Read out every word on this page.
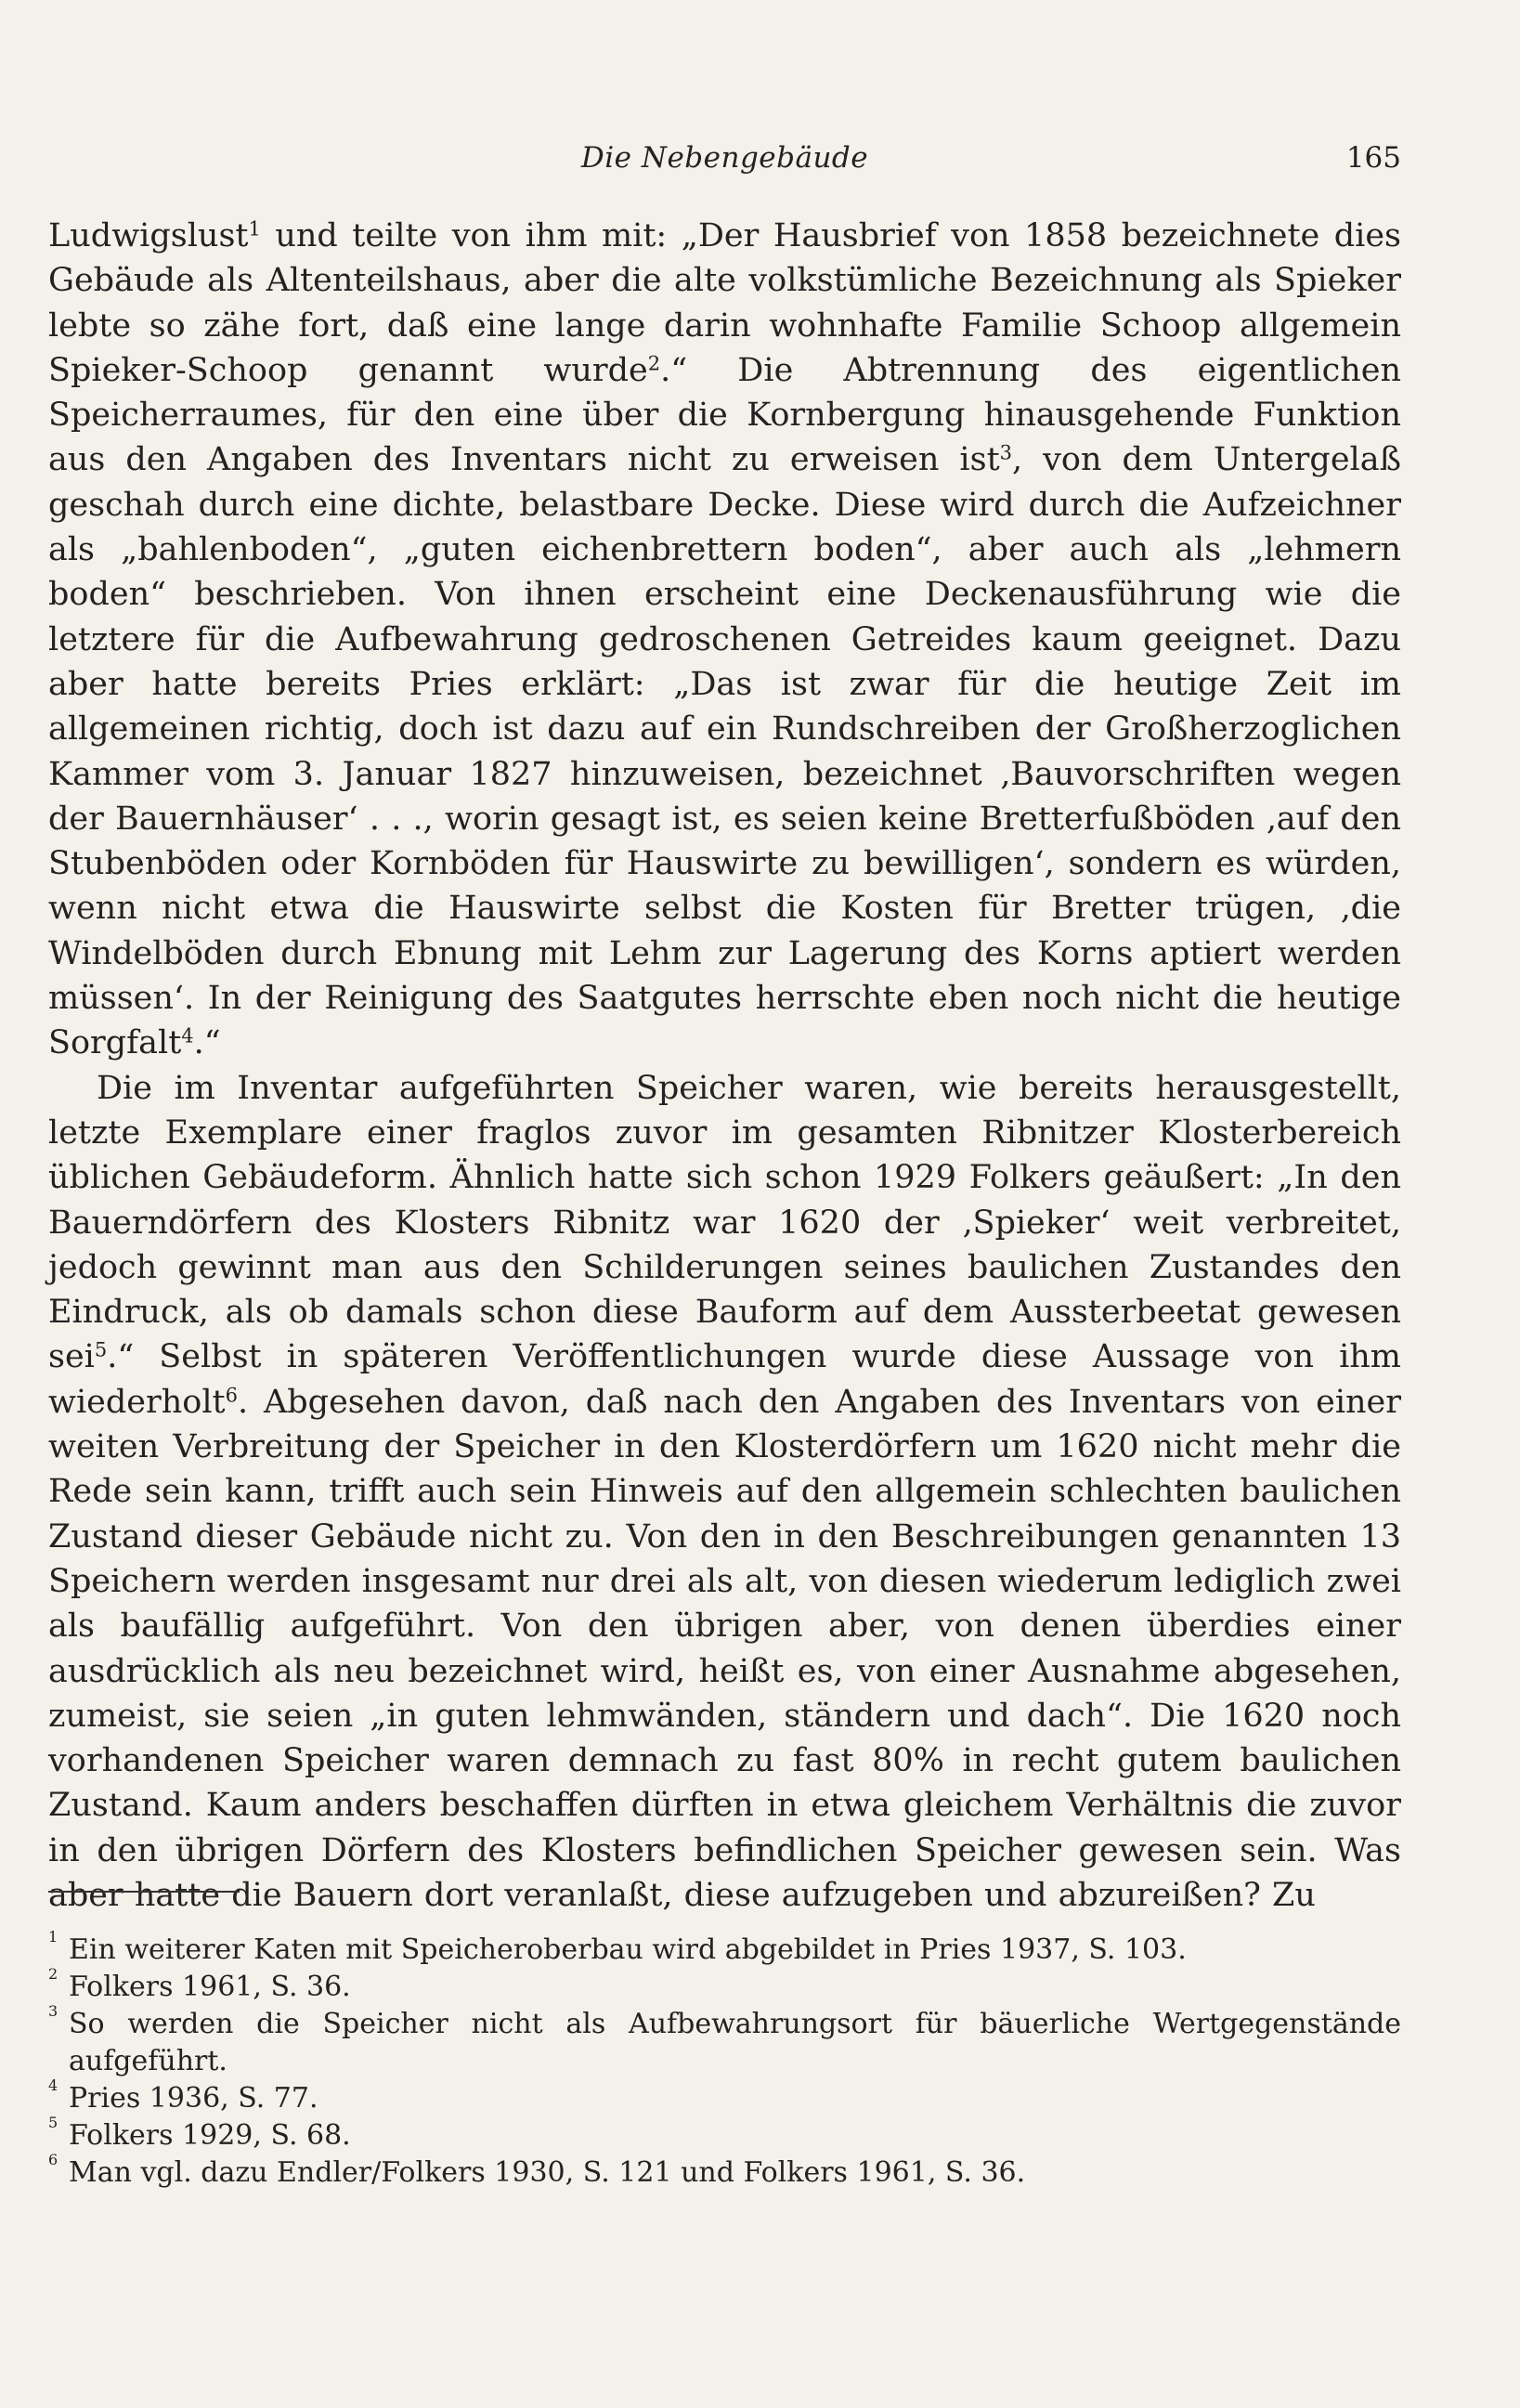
Die Nebengebäude	165

Ludwigslust$^1$ und teilte von ihm mit: „Der Hausbrief von 1858 bezeichnete dies Gebäude als Altenteilshaus, aber die alte volkstümliche Bezeichnung als Spieker lebte so zähe fort, daß eine lange darin wohnhafte Familie Schoop allgemein Spieker-Schoop genannt wurde$^2$.“ Die Abtrennung des eigentlichen Speicherraumes, für den eine über die Kornbergung hinausgehende Funktion aus den Angaben des Inventars nicht zu erweisen ist$^3$, von dem Untergelaß geschah durch eine dichte, belastbare Decke. Diese wird durch die Aufzeichner als „bahlenboden“, „guten eichenbrettern boden“, aber auch als „lehmern boden“ beschrieben. Von ihnen erscheint eine Deckenausführung wie die letztere für die Aufbewahrung gedroschenen Getreides kaum geeignet. Dazu aber hatte bereits Pries erklärt: „Das ist zwar für die heutige Zeit im allgemeinen richtig, doch ist dazu auf ein Rundschreiben der Großherzoglichen Kammer vom 3. Januar 1827 hinzuweisen, bezeichnet ‚Bauvorschriften wegen der Bauernhäuser‘ . . ., worin gesagt ist, es seien keine Bretterfußböden ‚auf den Stubenböden oder Kornböden für Hauswirte zu bewilligen‘, sondern es würden, wenn nicht etwa die Hauswirte selbst die Kosten für Bretter trügen, ‚die Windelböden durch Ebnung mit Lehm zur Lagerung des Korns aptiert werden müssen‘. In der Reinigung des Saatgutes herrschte eben noch nicht die heutige Sorgfalt$^4$.“

Die im Inventar aufgeführten Speicher waren, wie bereits herausgestellt, letzte Exemplare einer fraglos zuvor im gesamten Ribnitzer Klosterbereich üblichen Gebäudeform. Ähnlich hatte sich schon 1929 Folkers geäußert: „In den Bauerndörfern des Klosters Ribnitz war 1620 der ‚Spieker‘ weit verbreitet, jedoch gewinnt man aus den Schilderungen seines baulichen Zustandes den Eindruck, als ob damals schon diese Bauform auf dem Aussterbeetat gewesen sei$^5$.“ Selbst in späteren Veröffentlichungen wurde diese Aussage von ihm wiederholt$^6$. Abgesehen davon, daß nach den Angaben des Inventars von einer weiten Verbreitung der Speicher in den Klosterdörfern um 1620 nicht mehr die Rede sein kann, trifft auch sein Hinweis auf den allgemein schlechten baulichen Zustand dieser Gebäude nicht zu. Von den in den Beschreibungen genannten 13 Speichern werden insgesamt nur drei als alt, von diesen wiederum lediglich zwei als baufällig aufgeführt. Von den übrigen aber, von denen überdies einer ausdrücklich als neu bezeichnet wird, heißt es, von einer Ausnahme abgesehen, zumeist, sie seien „in guten lehmwänden, ständern und dach“. Die 1620 noch vorhandenen Speicher waren demnach zu fast 80% in recht gutem baulichen Zustand. Kaum anders beschaffen dürften in etwa gleichem Verhältnis die zuvor in den übrigen Dörfern des Klosters befindlichen Speicher gewesen sein. Was aber hatte die Bauern dort veranlaßt, diese aufzugeben und abzureißen? Zu

1 Ein weiterer Katen mit Speicheroberbau wird abgebildet in Pries 1937, S. 103.

2 Folkers 1961, S. 36.

3 So werden die Speicher nicht als Aufbewahrungsort für bäuerliche Wertgegenstände aufgeführt.

4 Pries 1936, S. 77.

5 Folkers 1929, S. 68.

6 Man vgl. dazu Endler/Folkers 1930, S. 121 und Folkers 1961, S. 36.
